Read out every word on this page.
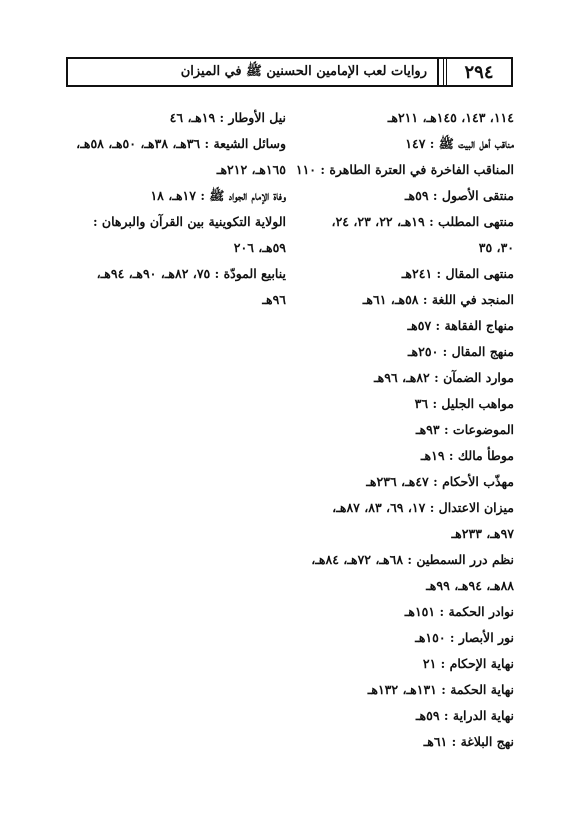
٢٩٤
روايات لعب الإمامين الحسنين ﷺ في الميزان
١١٤، ١٤٣، ١٤٥هـ، ٢١١هـ
مناقب أهل البيت ﷺ : ١٤٧
المناقب الفاخرة في العترة الطاهرة : ١١٠
منتقى الأصول : ٥٩هـ
منتهى المطلب : ١٩هـ، ٢٢، ٢٣، ٢٤،
٣٠، ٣٥
منتهى المقال : ٢٤١هـ
المنجد في اللغة : ٥٨هـ، ٦١هـ
منهاج الفقاهة : ٥٧هـ
منهج المقال : ٢٥٠هـ
موارد الضمآن : ٨٢هـ، ٩٦هـ
مواهب الجليل : ٣٦
الموضوعات : ٩٣هـ
موطأ مالك : ١٩هـ
مهذّب الأحكام : ٤٧هـ، ٢٣٦هـ
ميزان الاعتدال : ١٧، ٦٩، ٨٣، ٨٧هـ،
٩٧هـ، ٢٣٣هـ
نظم درر السمطين : ٦٨هـ، ٧٢هـ، ٨٤هـ،
٨٨هـ، ٩٤هـ، ٩٩هـ
نوادر الحكمة : ١٥١هـ
نور الأبصار : ١٥٠هـ
نهاية الإحكام : ٢١
نهاية الحكمة : ١٣١هـ، ١٣٢هـ
نهاية الدراية : ٥٩هـ
نهج البلاغة : ٦١هـ
نيل الأوطار : ١٩هـ، ٤٦
وسائل الشيعة : ٣٦هـ، ٣٨هـ، ٥٠هـ، ٥٨هـ،
١٦٥هـ، ٢١٢هـ
وفاة الإمام الجواد ﷺ : ١٧هـ، ١٨
الولاية التكوينية بين القرآن والبرهان :
٥٩هـ، ٢٠٦
ينابيع المودّة : ٧٥، ٨٢هـ، ٩٠هـ، ٩٤هـ،
٩٦هـ
